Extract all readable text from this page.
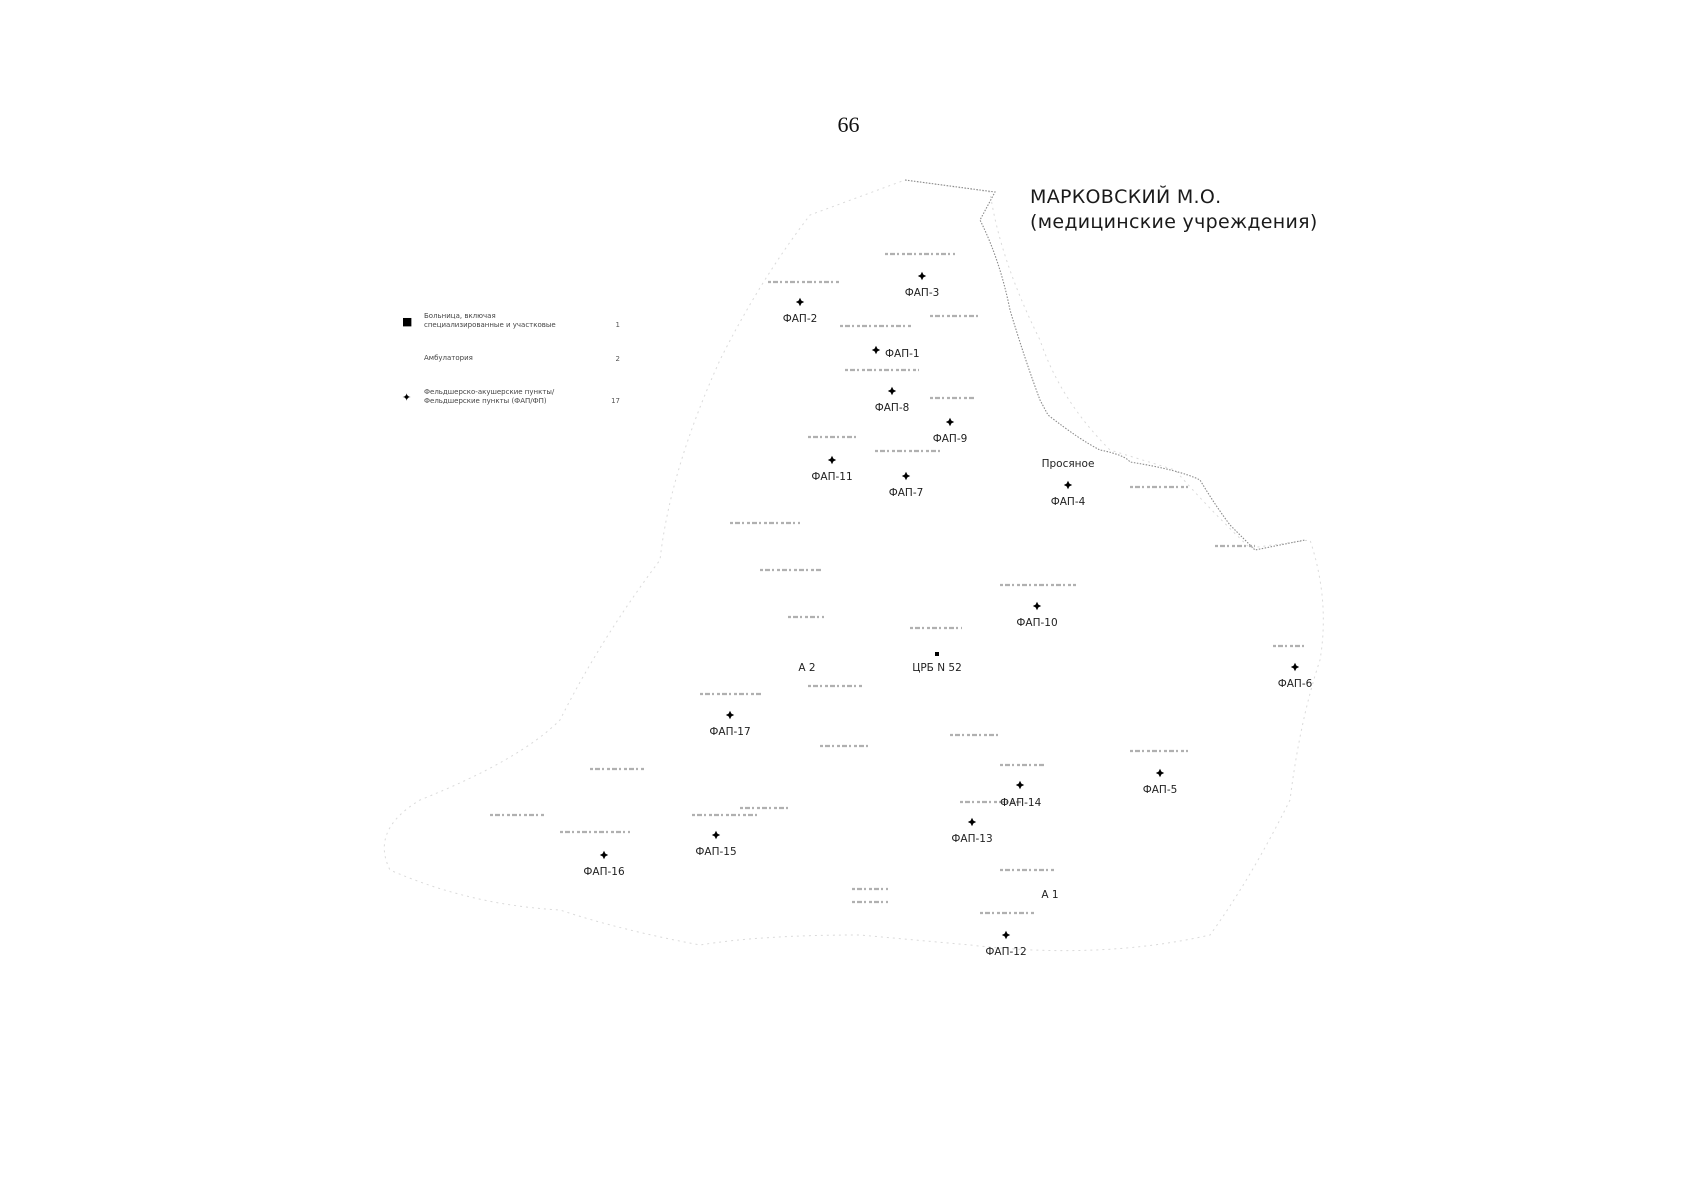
66
МАРКОВСКИЙ М.О.
(медицинские учреждения)
ФАП-1
ФАП-2
ФАП-3
ФАП-4
ФАП-5
ФАП-6
ФАП-7
ФАП-8
ФАП-9
ФАП-10
ФАП-11
ФАП-12
ФАП-13
ФАП-14
ФАП-15
ФАП-16
ФАП-17
ЦРБ N 52
А 1
А 2
Просяное
■ Больница, включая
специализированные и участковые	1
Амбулатория	2
✦ Фельдшерско-акушерские пункты/
Фельдшерские пункты (ФАП/ФП)	17
